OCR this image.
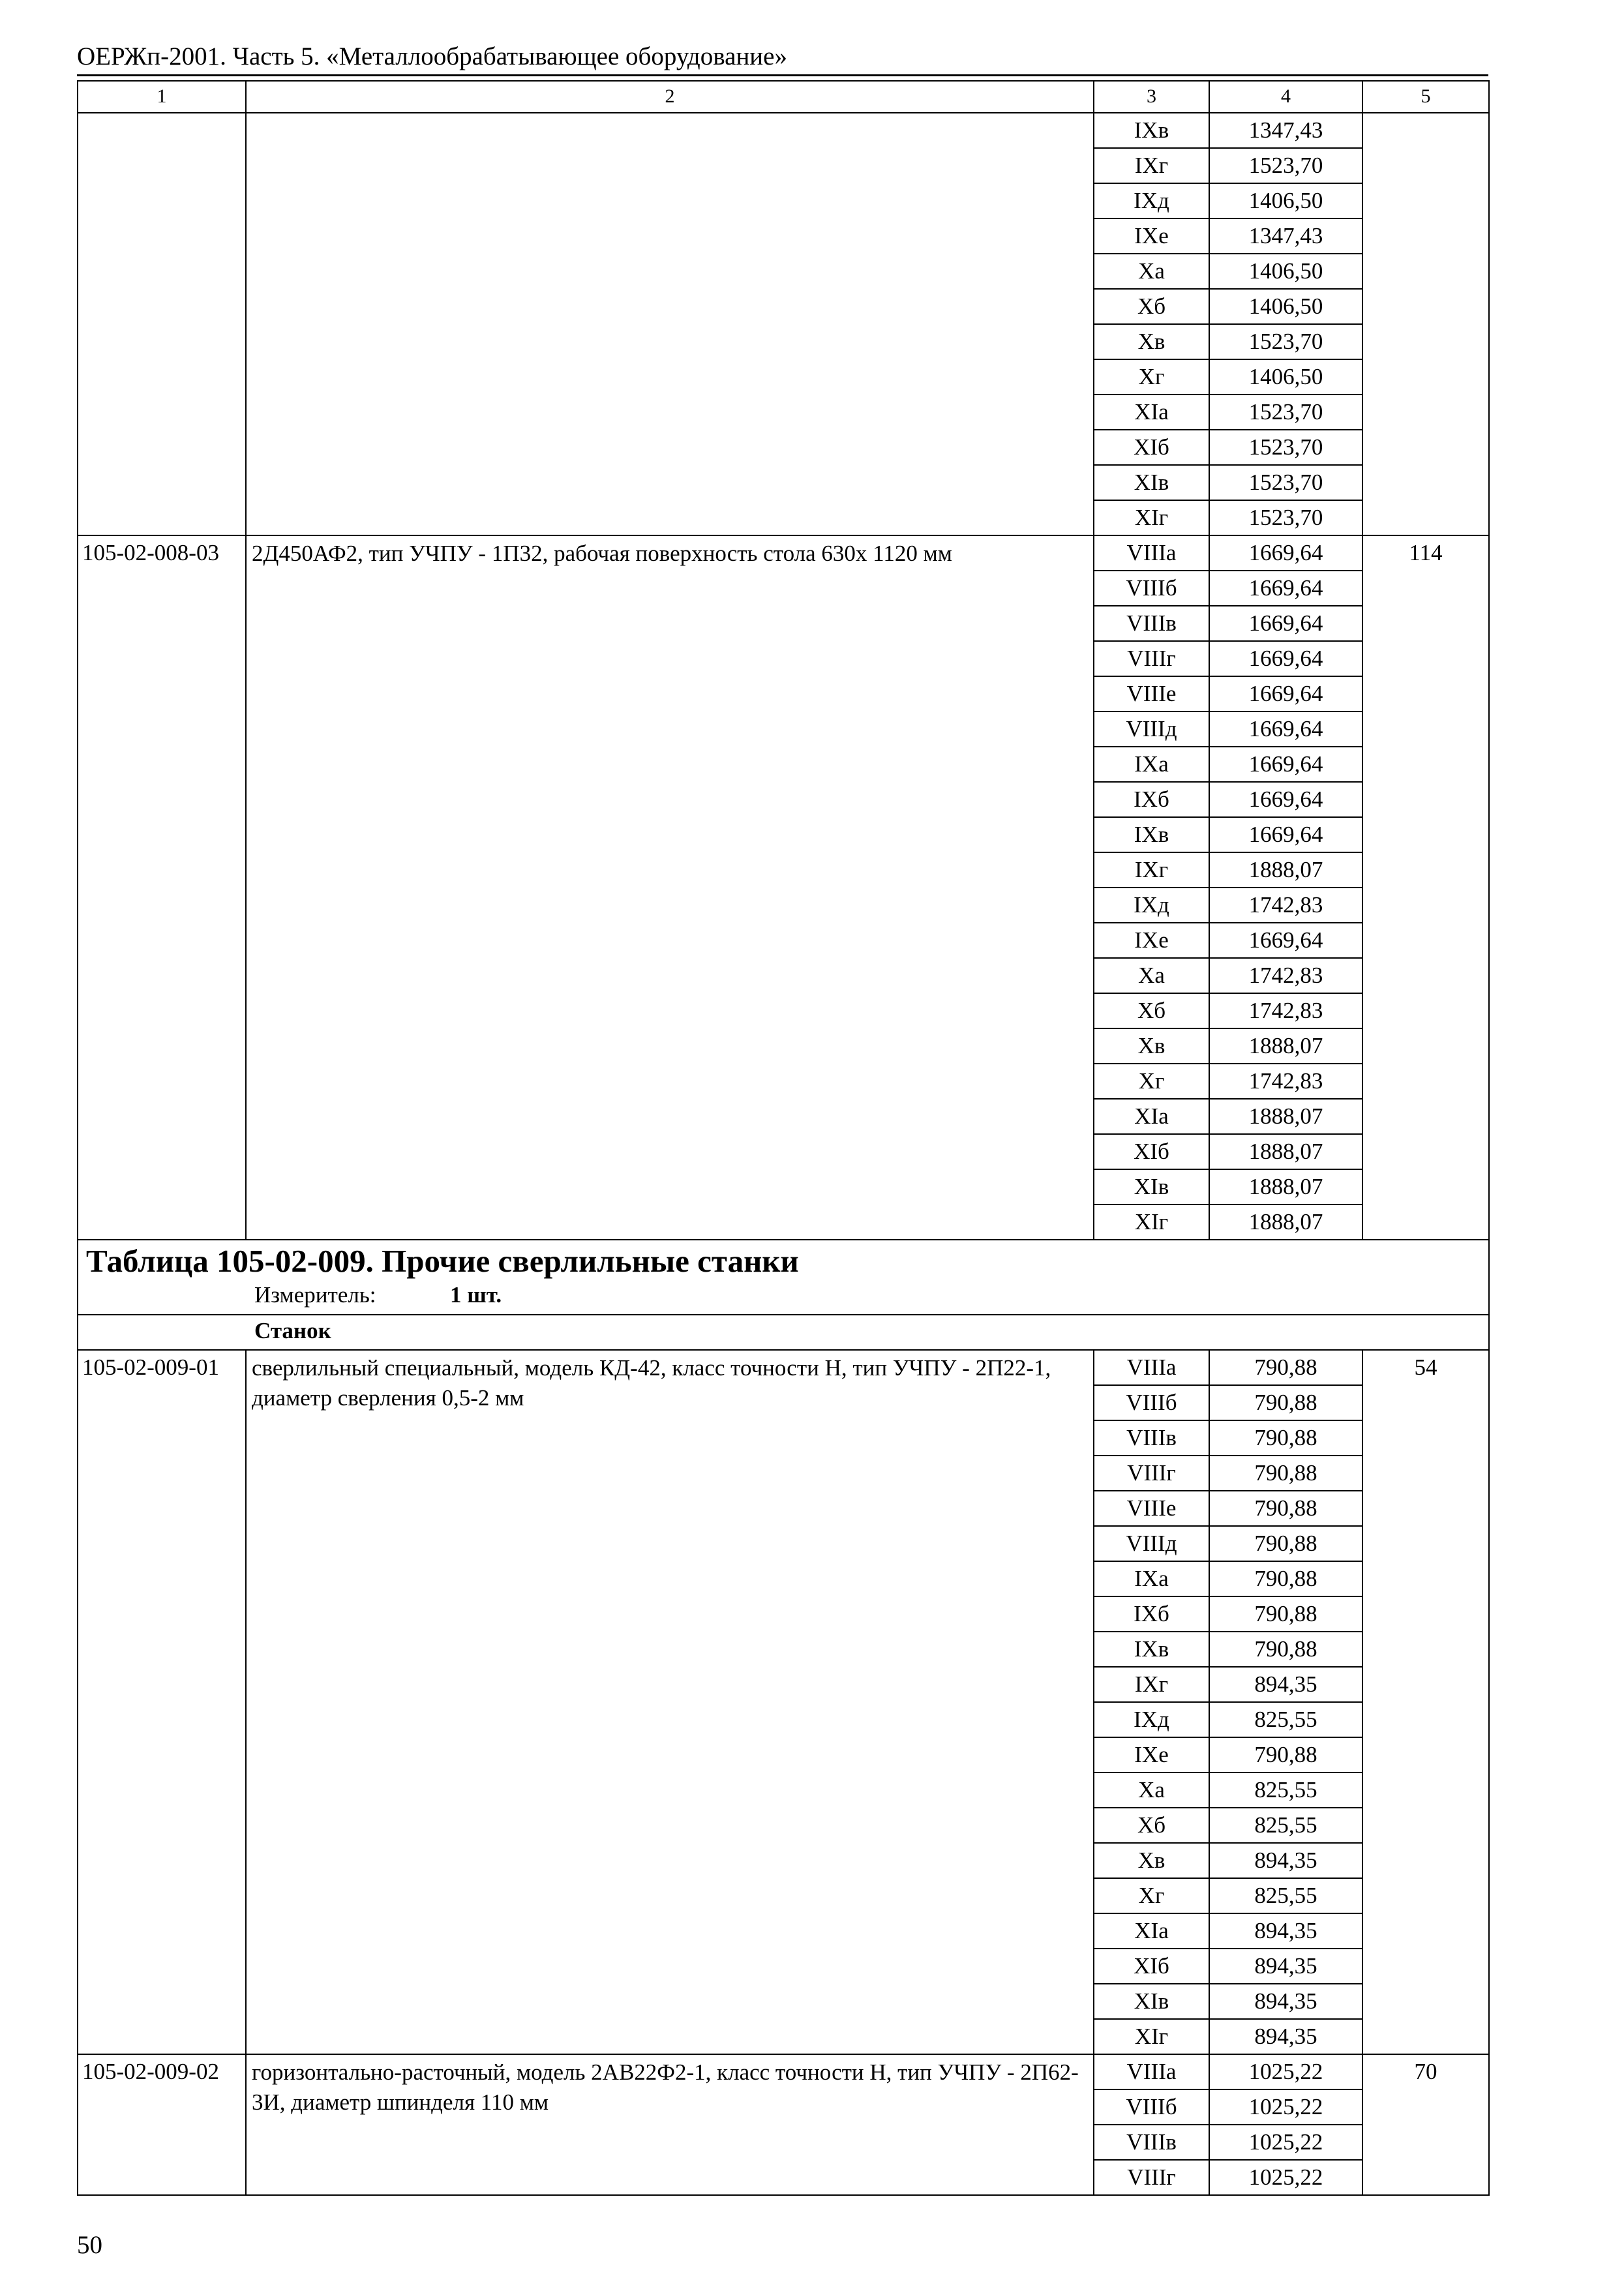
ОЕРЖп-2001. Часть 5. «Металлообрабатывающее оборудование»
1	2	3	4	5
		IXв	1347,43	
		IXг	1523,70	
		IXд	1406,50	
		IXе	1347,43	
		Xа	1406,50	
		Xб	1406,50	
		Xв	1523,70	
		Xг	1406,50	
		XIа	1523,70	
		XIб	1523,70	
		XIв	1523,70	
		XIг	1523,70	
105-02-008-03	2Д450АФ2, тип УЧПУ - 1П32, рабочая поверхность стола 630х 1120 мм	VIIIа	1669,64	114
		VIIIб	1669,64	
		VIIIв	1669,64	
		VIIIг	1669,64	
		VIIIе	1669,64	
		VIIIд	1669,64	
		IXа	1669,64	
		IXб	1669,64	
		IXв	1669,64	
		IXг	1888,07	
		IXд	1742,83	
		IXе	1669,64	
		Xа	1742,83	
		Xб	1742,83	
		Xв	1888,07	
		Xг	1742,83	
		XIа	1888,07	
		XIб	1888,07	
		XIв	1888,07	
		XIг	1888,07	
Таблица 105-02-009. Прочие сверлильные станки				
Измеритель: 1 шт.				
Станок				
105-02-009-01	сверлильный специальный, модель КД-42, класс точности Н, тип УЧПУ - 2П22-1, диаметр сверления 0,5-2 мм	VIIIа	790,88	54
		VIIIб	790,88	
		VIIIв	790,88	
		VIIIг	790,88	
		VIIIе	790,88	
		VIIIд	790,88	
		IXа	790,88	
		IXб	790,88	
		IXв	790,88	
		IXг	894,35	
		IXд	825,55	
		IXе	790,88	
		Xа	825,55	
		Xб	825,55	
		Xв	894,35	
		Xг	825,55	
		XIа	894,35	
		XIб	894,35	
		XIв	894,35	
		XIг	894,35	
105-02-009-02	горизонтально-расточный, модель 2АВ22Ф2-1, класс точности Н, тип УЧПУ - 2П62-3И, диаметр шпинделя 110 мм	VIIIа	1025,22	70
		VIIIб	1025,22	
		VIIIв	1025,22	
		VIIIг	1025,22	
50
